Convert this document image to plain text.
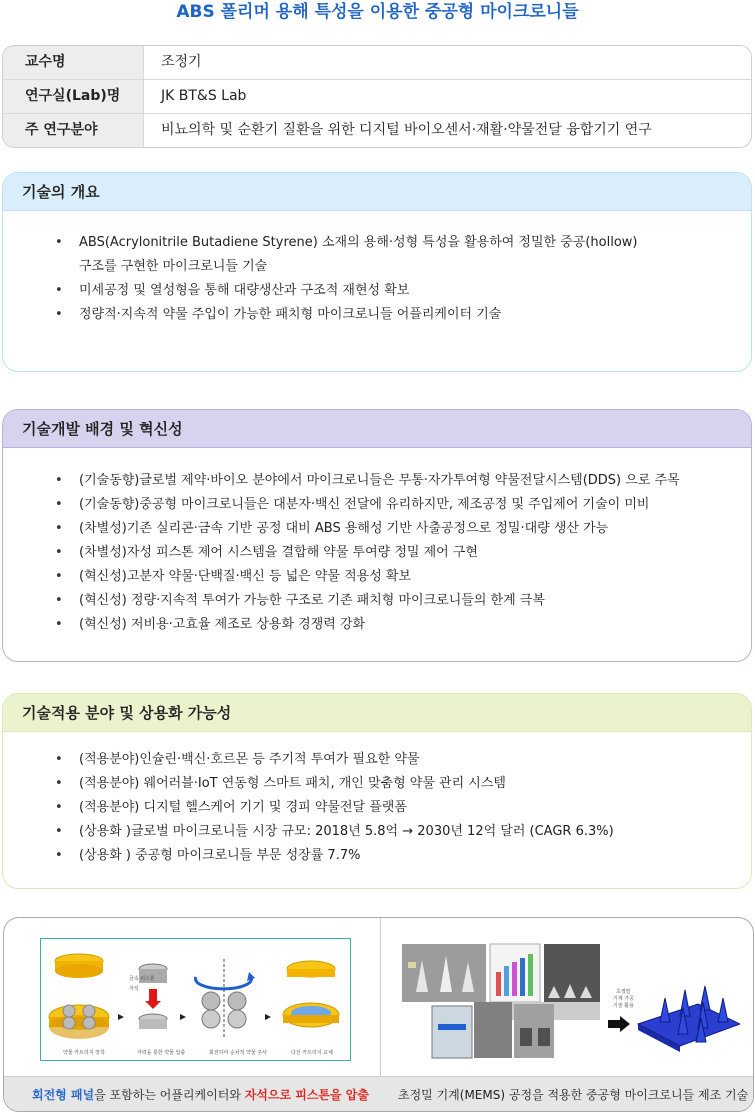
ABS 폴리머 용해 특성을 이용한 중공형 마이크로니들
교수명	조정기
연구실(Lab)명	JK BT&S Lab
주 연구분야	비뇨의학 및 순환기 질환을 위한 디지털 바이오센서·재활·약물전달 융합기기 연구
기술의 개요
• ABS(Acrylonitrile Butadiene Styrene) 소재의 용해·성형 특성을 활용하여 정밀한 중공(hollow)
구조를 구현한 마이크로니들 기술
• 미세공정 및 열성형을 통해 대량생산과 구조적 재현성 확보
• 정량적·지속적 약물 주입이 가능한 패치형 마이크로니들 어플리케이터 기술
기술개발 배경 및 혁신성
• (기술동향)글로벌 제약·바이오 분야에서 마이크로니들은 무통·자가투여형 약물전달시스템(DDS) 으로 주목
• (기술동향)중공형 마이크로니들은 대분자·백신 전달에 유리하지만, 제조공정 및 주입제어 기술이 미비
• (차별성)기존 실리콘·금속 기반 공정 대비 ABS 용해성 기반 사출공정으로 정밀·대량 생산 가능
• (차별성)자성 피스톤 제어 시스템을 결합해 약물 투여량 정밀 제어 구현
• (혁신성)고분자 약물·단백질·백신 등 넓은 약물 적용성 확보
• (혁신성) 정량·지속적 투여가 가능한 구조로 기존 패치형 마이크로니들의 한계 극복
• (혁신성) 저비용·고효율 제조로 상용화 경쟁력 강화
기술적용 분야 및 상용화 가능성
• (적용분야)인슐린·백신·호르몬 등 주기적 투여가 필요한 약물
• (적용분야) 웨어러블·IoT 연동형 스마트 패치, 개인 맞춤형 약물 관리 시스템
• (적용분야) 디지털 헬스케어 기기 및 경피 약물전달 플랫폼
• (상용화 )글로벌 마이크로니들 시장 규모: 2018년 5.8억 → 2030년 12억 달러 (CAGR 6.3%)
• (상용화 ) 중공형 마이크로니들 부문 성장률 7.7%
금속 피스톤
자석
약물 카트리지 장착	자력을 통한 약물 압출	회전하여 순차적 약물 주사	다선 카트리지 교체
초정밀
기계 가공
기술 활용
회전형 패널을 포함하는 어플리케이터와 자석으로 피스톤을 압출 초정밀 기계(MEMS) 공정을 적용한 중공형 마이크로니들 제조 기술
